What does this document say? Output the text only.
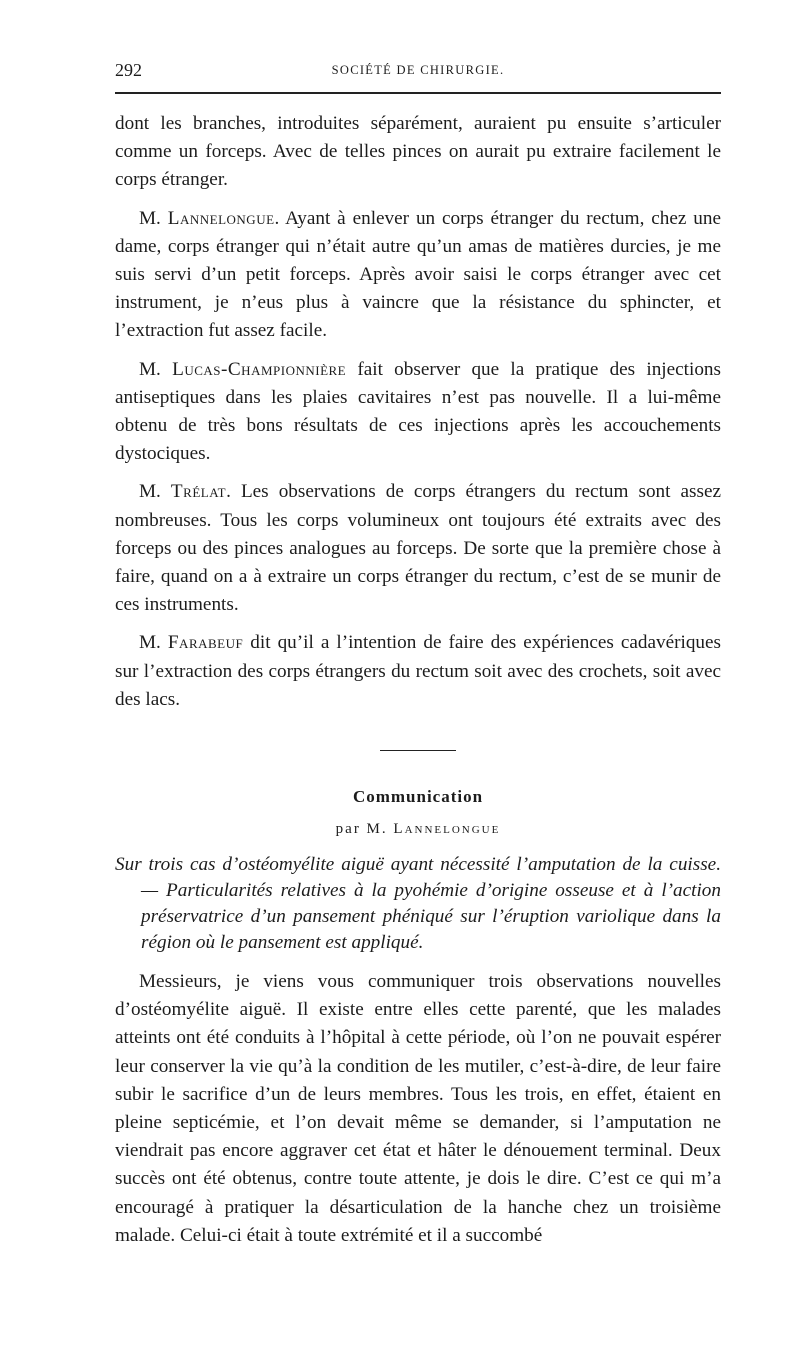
292	SOCIÉTÉ DE CHIRURGIE.

dont les branches, introduites séparément, auraient pu ensuite s’articuler comme un forceps. Avec de telles pinces on aurait pu extraire facilement le corps étranger.

M. Lannelongue. Ayant à enlever un corps étranger du rectum, chez une dame, corps étranger qui n’était autre qu’un amas de matières durcies, je me suis servi d’un petit forceps. Après avoir saisi le corps étranger avec cet instrument, je n’eus plus à vaincre que la résistance du sphincter, et l’extraction fut assez facile.

M. Lucas-Championnière fait observer que la pratique des injections antiseptiques dans les plaies cavitaires n’est pas nouvelle. Il a lui-même obtenu de très bons résultats de ces injections après les accouchements dystociques.

M. Trélat. Les observations de corps étrangers du rectum sont assez nombreuses. Tous les corps volumineux ont toujours été extraits avec des forceps ou des pinces analogues au forceps. De sorte que la première chose à faire, quand on a à extraire un corps étranger du rectum, c’est de se munir de ces instruments.

M. Farabeuf dit qu’il a l’intention de faire des expériences cadavériques sur l’extraction des corps étrangers du rectum soit avec des crochets, soit avec des lacs.

Communication
par M. Lannelongue
Sur trois cas d’ostéomyélite aiguë ayant nécessité l’amputation de la cuisse. — Particularités relatives à la pyohémie d’origine osseuse et à l’action préservatrice d’un pansement phéniqué sur l’éruption variolique dans la région où le pansement est appliqué.

Messieurs, je viens vous communiquer trois observations nouvelles d’ostéomyélite aiguë. Il existe entre elles cette parenté, que les malades atteints ont été conduits à l’hôpital à cette période, où l’on ne pouvait espérer leur conserver la vie qu’à la condition de les mutiler, c’est-à-dire, de leur faire subir le sacrifice d’un de leurs membres. Tous les trois, en effet, étaient en pleine septicémie, et l’on devait même se demander, si l’amputation ne viendrait pas encore aggraver cet état et hâter le dénouement terminal. Deux succès ont été obtenus, contre toute attente, je dois le dire. C’est ce qui m’a encouragé à pratiquer la désarticulation de la hanche chez un troisième malade. Celui-ci était à toute extrémité et il a succombé
